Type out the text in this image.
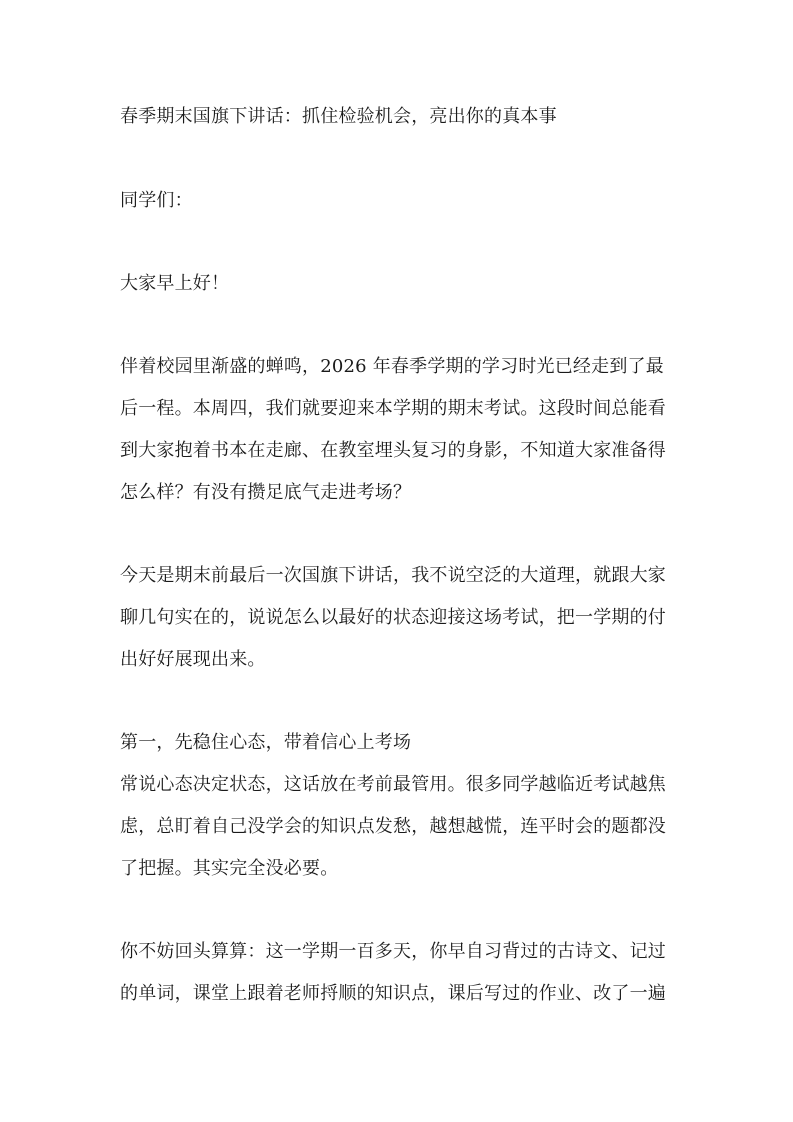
春季期末国旗下讲话：抓住检验机会，亮出你的真本事
同学们：
大家早上好！
伴着校园里渐盛的蝉鸣，2026 年春季学期的学习时光已经走到了最
后一程。本周四，我们就要迎来本学期的期末考试。这段时间总能看
到大家抱着书本在走廊、在教室埋头复习的身影，不知道大家准备得
怎么样？有没有攒足底气走进考场？
今天是期末前最后一次国旗下讲话，我不说空泛的大道理，就跟大家
聊几句实在的，说说怎么以最好的状态迎接这场考试，把一学期的付
出好好展现出来。
第一，先稳住心态，带着信心上考场
常说心态决定状态，这话放在考前最管用。很多同学越临近考试越焦
虑，总盯着自己没学会的知识点发愁，越想越慌，连平时会的题都没
了把握。其实完全没必要。
你不妨回头算算：这一学期一百多天，你早自习背过的古诗文、记过
的单词，课堂上跟着老师捋顺的知识点，课后写过的作业、改了一遍
